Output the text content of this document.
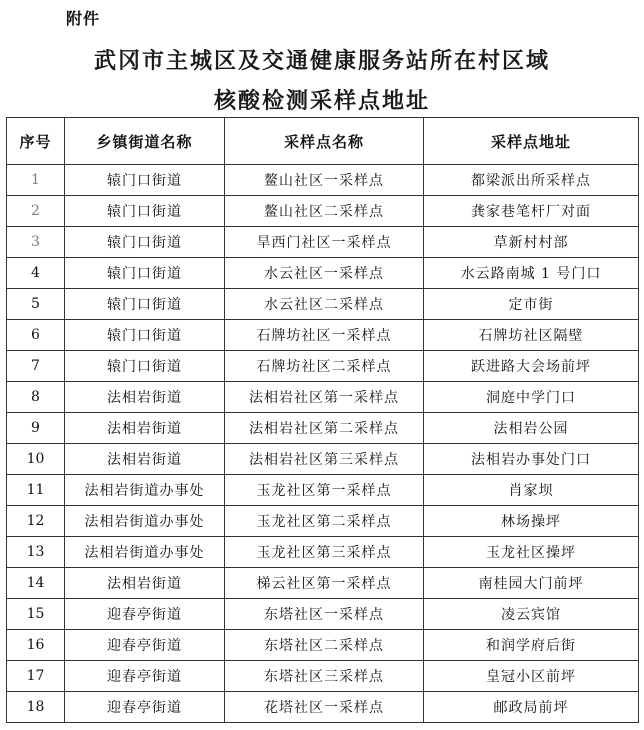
附件
武冈市主城区及交通健康服务站所在村区域
核酸检测采样点地址
序号	乡镇街道名称	采样点名称	采样点地址
1	辕门口街道	鳌山社区一采样点	都梁派出所采样点
2	辕门口街道	鳌山社区二采样点	龚家巷笔杆厂对面
3	辕门口街道	旱西门社区一采样点	草新村村部
4	辕门口街道	水云社区一采样点	水云路南城 1 号门口
5	辕门口街道	水云社区二采样点	定市街
6	辕门口街道	石牌坊社区一采样点	石牌坊社区隔壁
7	辕门口街道	石牌坊社区二采样点	跃进路大会场前坪
8	法相岩街道	法相岩社区第一采样点	洞庭中学门口
9	法相岩街道	法相岩社区第二采样点	法相岩公园
10	法相岩街道	法相岩社区第三采样点	法相岩办事处门口
11	法相岩街道办事处	玉龙社区第一采样点	肖家坝
12	法相岩街道办事处	玉龙社区第二采样点	林场操坪
13	法相岩街道办事处	玉龙社区第三采样点	玉龙社区操坪
14	法相岩街道	梯云社区第一采样点	南桂园大门前坪
15	迎春亭街道	东塔社区一采样点	凌云宾馆
16	迎春亭街道	东塔社区二采样点	和润学府后街
17	迎春亭街道	东塔社区三采样点	皇冠小区前坪
18	迎春亭街道	花塔社区一采样点	邮政局前坪
